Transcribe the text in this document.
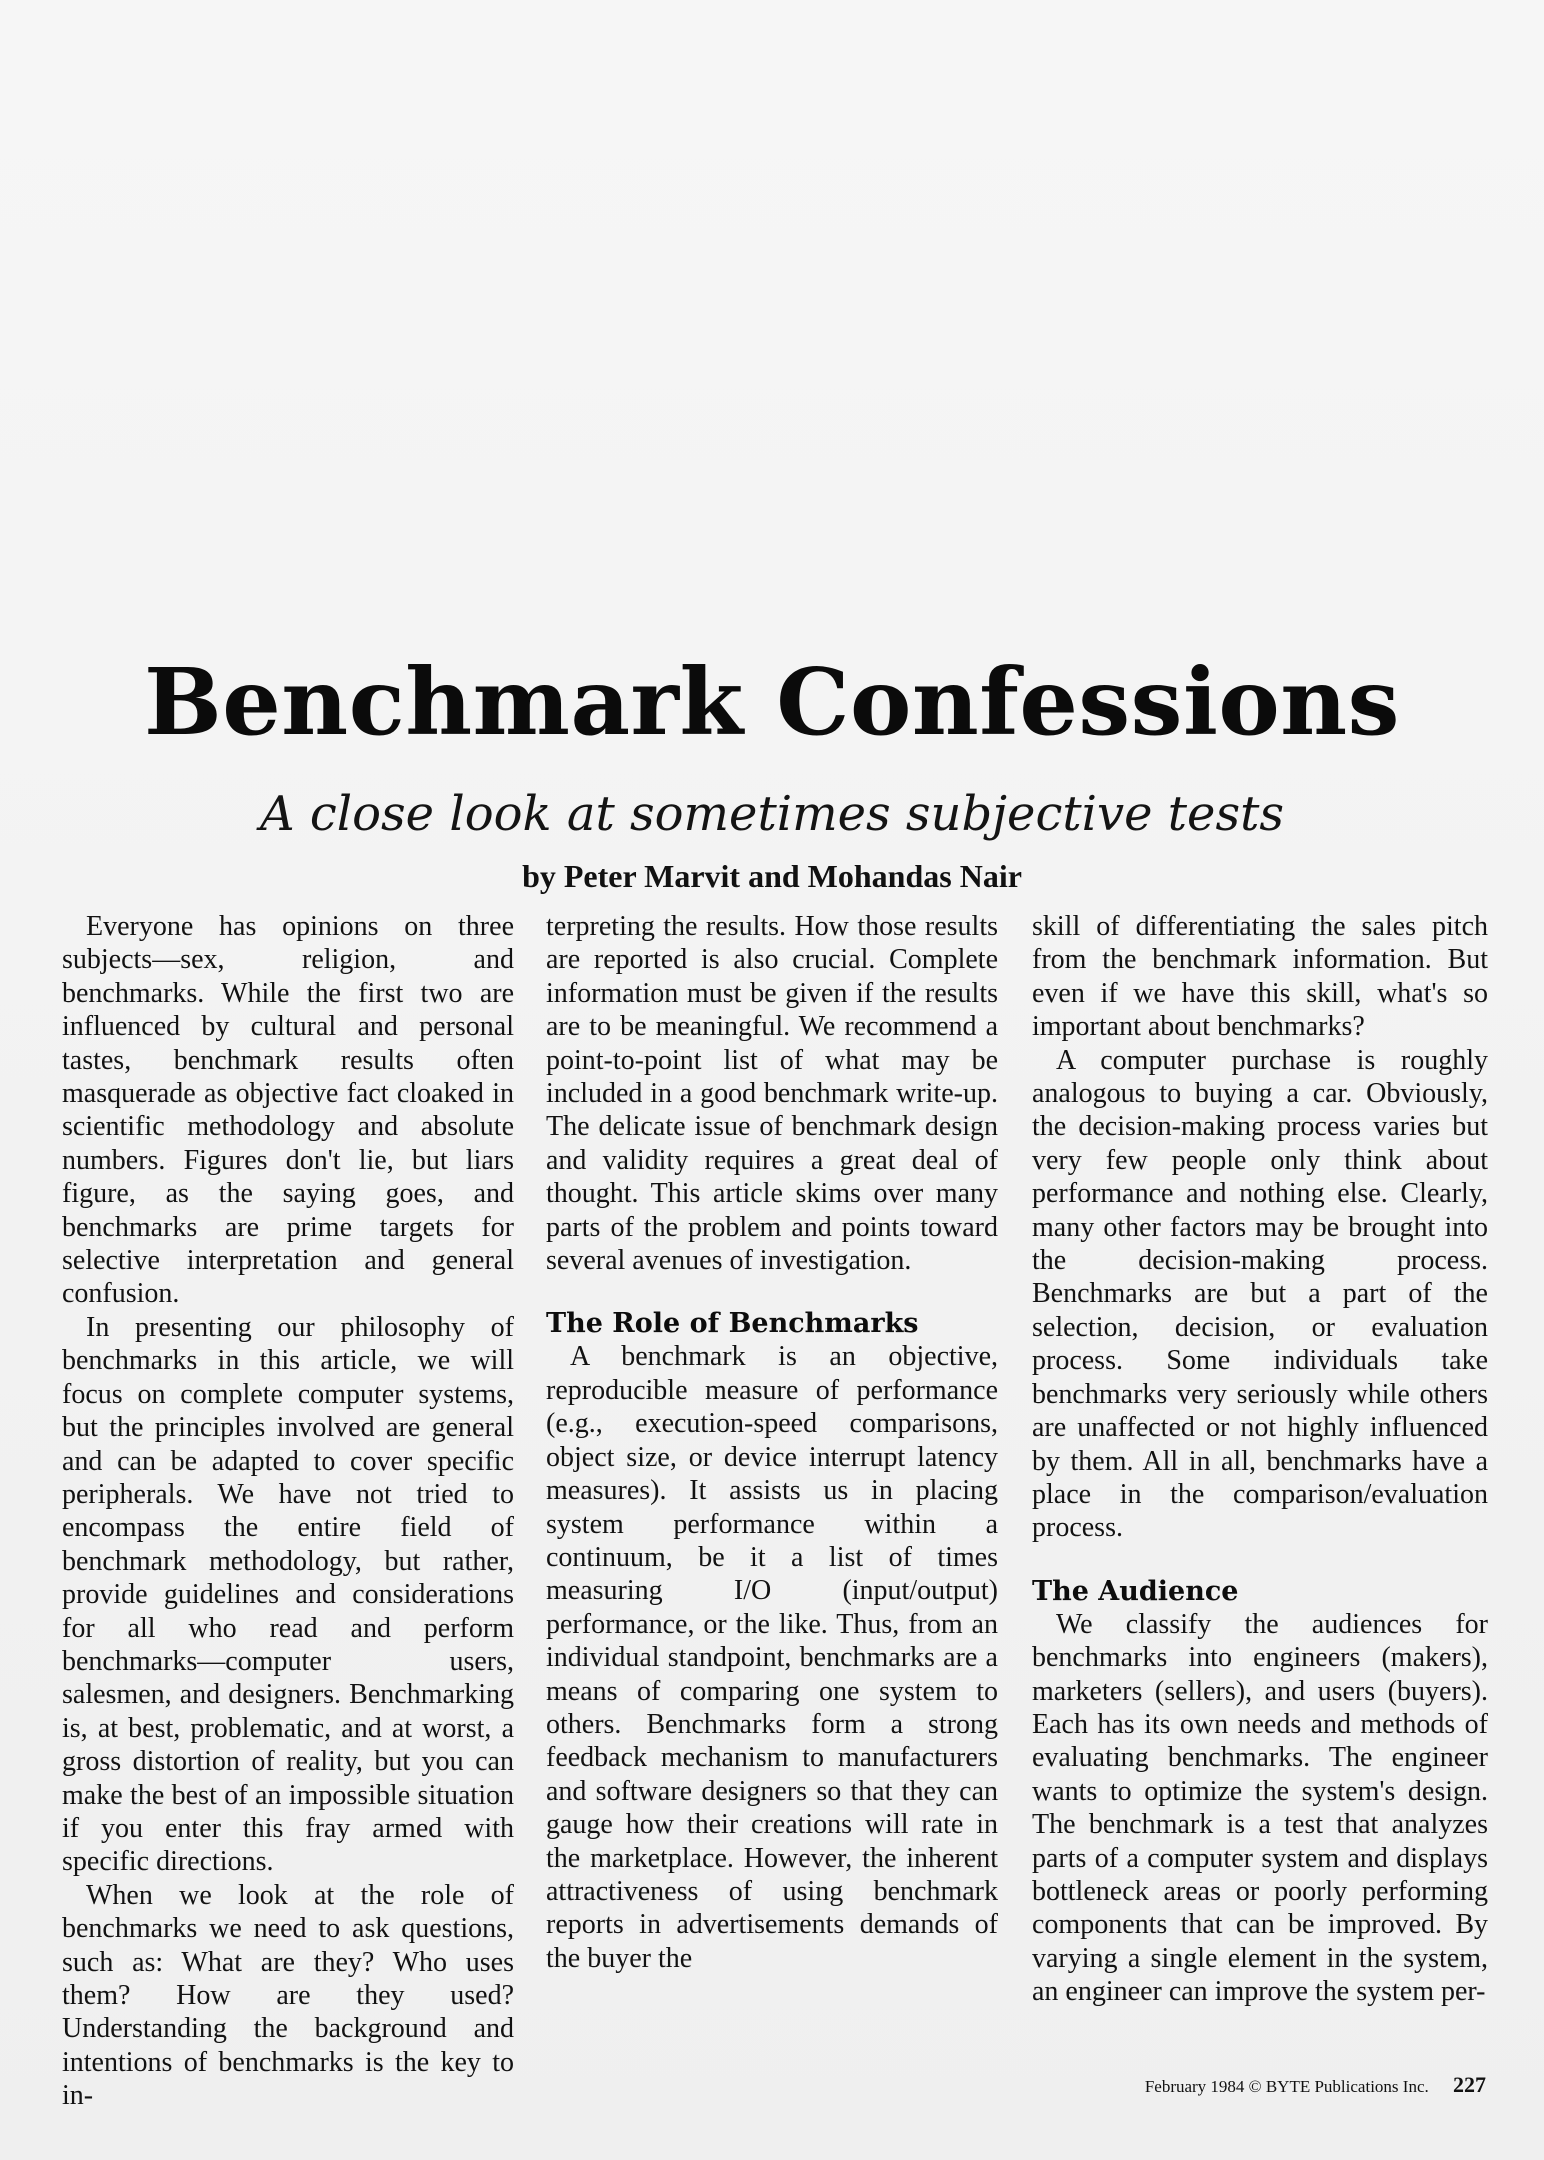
Benchmark Confessions
A close look at sometimes subjective tests
by Peter Marvit and Mohandas Nair

Everyone has opinions on three subjects—sex, religion, and benchmarks. While the first two are influenced by cultural and personal tastes, benchmark results often masquerade as objective fact cloaked in scientific methodology and absolute numbers. Figures don't lie, but liars figure, as the saying goes, and benchmarks are prime targets for selective interpretation and general confusion.

In presenting our philosophy of benchmarks in this article, we will focus on complete computer systems, but the principles involved are general and can be adapted to cover specific peripherals. We have not tried to encompass the entire field of benchmark methodology, but rather, provide guidelines and considerations for all who read and perform benchmarks—computer users, salesmen, and designers. Benchmarking is, at best, problematic, and at worst, a gross distortion of reality, but you can make the best of an impossible situation if you enter this fray armed with specific directions.

When we look at the role of benchmarks we need to ask questions, such as: What are they? Who uses them? How are they used? Understanding the background and intentions of benchmarks is the key to in-

terpreting the results. How those results are reported is also crucial. Complete information must be given if the results are to be meaningful. We recommend a point-to-point list of what may be included in a good benchmark write-up. The delicate issue of benchmark design and validity requires a great deal of thought. This article skims over many parts of the problem and points toward several avenues of investigation.

The Role of Benchmarks

A benchmark is an objective, reproducible measure of performance (e.g., execution-speed comparisons, object size, or device interrupt latency measures). It assists us in placing system performance within a continuum, be it a list of times measuring I/O (input/output) performance, or the like. Thus, from an individual standpoint, benchmarks are a means of comparing one system to others. Benchmarks form a strong feedback mechanism to manufacturers and software designers so that they can gauge how their creations will rate in the marketplace. However, the inherent attractiveness of using benchmark reports in advertisements demands of the buyer the

skill of differentiating the sales pitch from the benchmark information. But even if we have this skill, what's so important about benchmarks?

A computer purchase is roughly analogous to buying a car. Obviously, the decision-making process varies but very few people only think about performance and nothing else. Clearly, many other factors may be brought into the decision-making process. Benchmarks are but a part of the selection, decision, or evaluation process. Some individuals take benchmarks very seriously while others are unaffected or not highly influenced by them. All in all, benchmarks have a place in the comparison/evaluation process.

The Audience

We classify the audiences for benchmarks into engineers (makers), marketers (sellers), and users (buyers). Each has its own needs and methods of evaluating benchmarks. The engineer wants to optimize the system's design. The benchmark is a test that analyzes parts of a computer system and displays bottleneck areas or poorly performing components that can be improved. By varying a single element in the system, an engineer can improve the system per-

February 1984 © BYTE Publications Inc. 227
